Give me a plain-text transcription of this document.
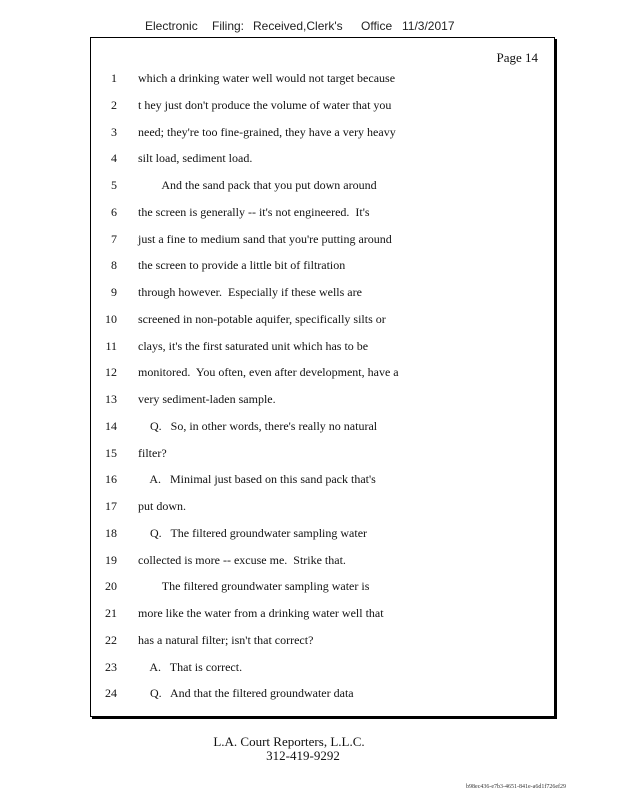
Electronic Filing: Received,Clerk's Office 11/3/2017
Page 14
1 which a drinking water well would not target because
2 t hey just don't produce the volume of water that you
3 need; they're too fine-grained, they have a very heavy
4 silt load, sediment load.
5 And the sand pack that you put down around
6 the screen is generally -- it's not engineered.  It's
7 just a fine to medium sand that you're putting around
8 the screen to provide a little bit of filtration
9 through however.  Especially if these wells are
10 screened in non-potable aquifer, specifically silts or
11 clays, it's the first saturated unit which has to be
12 monitored.  You often, even after development, have a
13 very sediment-laden sample.
14 Q.   So, in other words, there's really no natural
15 filter?
16 A.   Minimal just based on this sand pack that's
17 put down.
18 Q.   The filtered groundwater sampling water
19 collected is more -- excuse me.  Strike that.
20 The filtered groundwater sampling water is
21 more like the water from a drinking water well that
22 has a natural filter; isn't that correct?
23 A.   That is correct.
24 Q.   And that the filtered groundwater data
L.A. Court Reporters, L.L.C.
312-419-9292
b98ec436-e7b3-4651-841e-a6d1f726ef29
